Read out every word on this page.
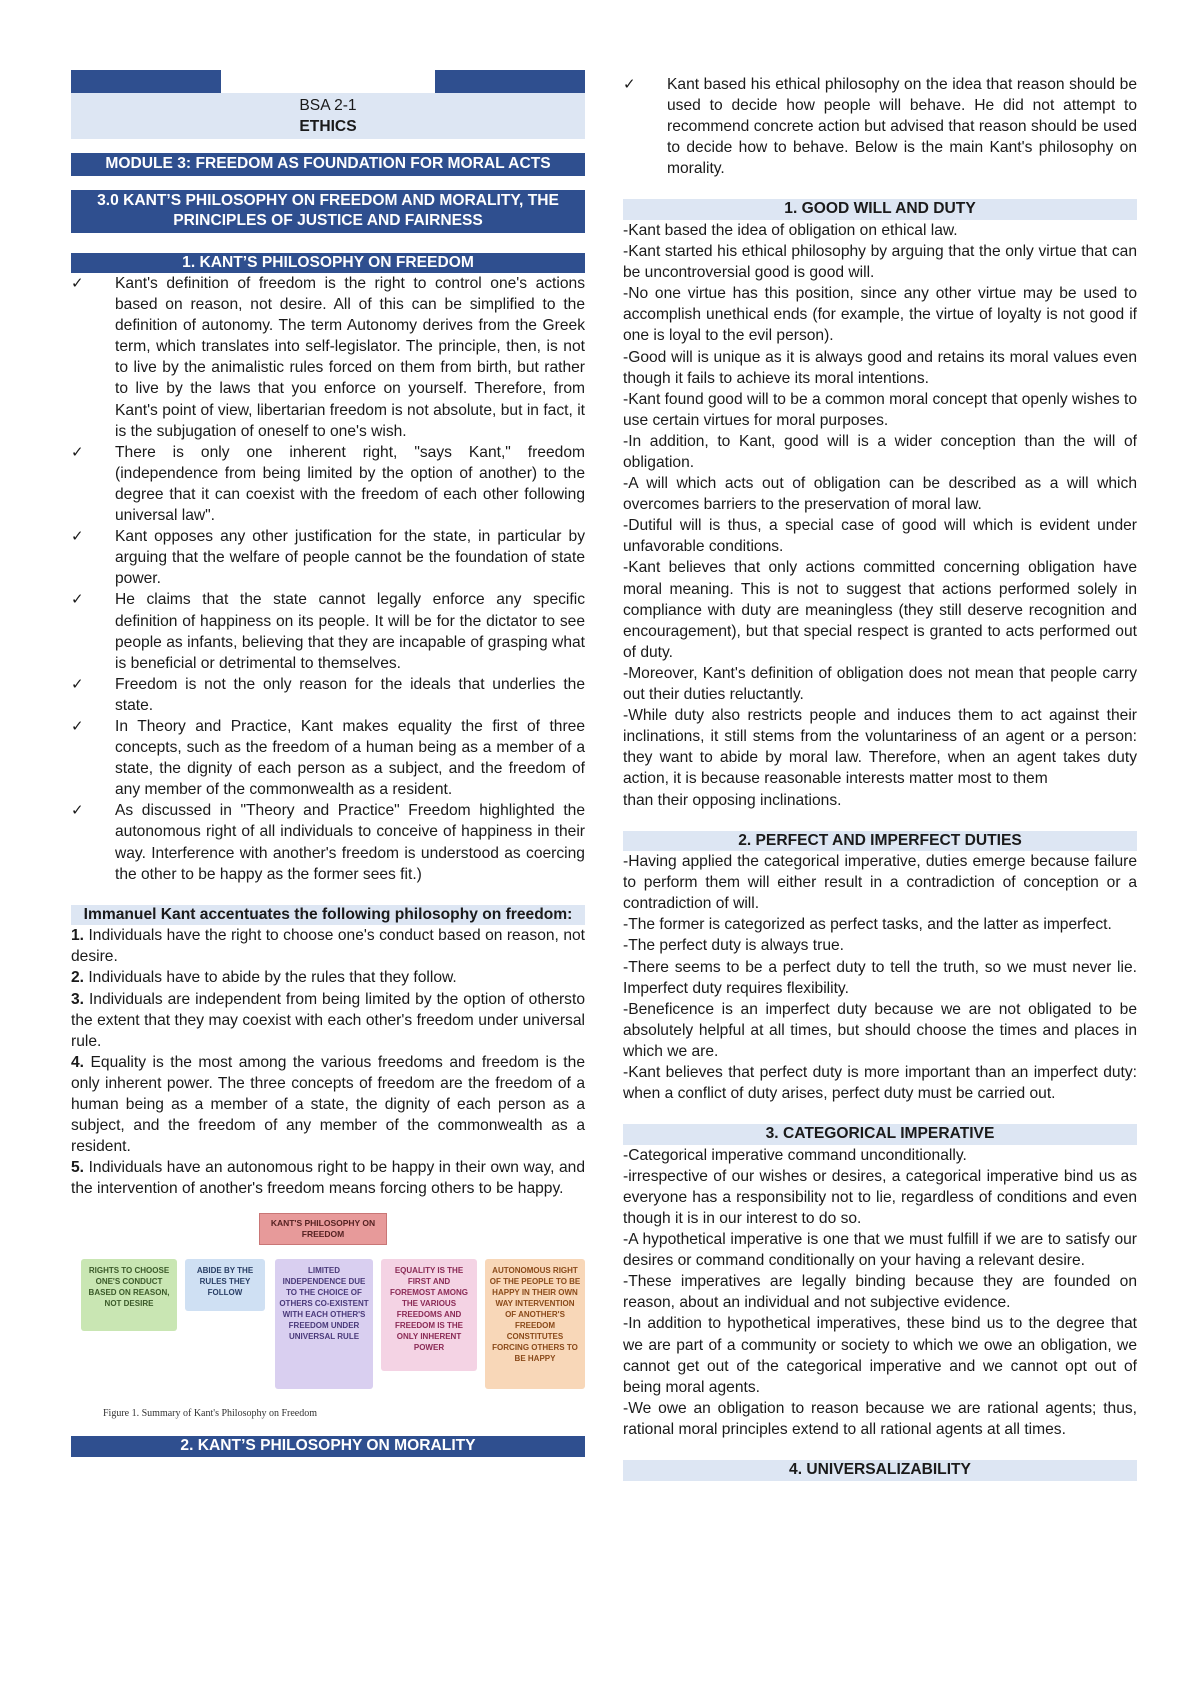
BSA 2-1
ETHICS
MODULE 3: FREEDOM AS FOUNDATION FOR MORAL ACTS
3.0 KANT’S PHILOSOPHY ON FREEDOM AND MORALITY, THE PRINCIPLES OF JUSTICE AND FAIRNESS
1. KANT’S PHILOSOPHY ON FREEDOM
✓ Kant's definition of freedom is the right to control one's actions based on reason, not desire. All of this can be simplified to the definition of autonomy. The term Autonomy derives from the Greek term, which translates into self-legislator. The principle, then, is not to live by the animalistic rules forced on them from birth, but rather to live by the laws that you enforce on yourself. Therefore, from Kant's point of view, libertarian freedom is not absolute, but in fact, it is the subjugation of oneself to one's wish.
✓ There is only one inherent right, "says Kant," freedom (independence from being limited by the option of another) to the degree that it can coexist with the freedom of each other following universal law".
✓ Kant opposes any other justification for the state, in particular by arguing that the welfare of people cannot be the foundation of state power.
✓ He claims that the state cannot legally enforce any specific definition of happiness on its people. It will be for the dictator to see people as infants, believing that they are incapable of grasping what is beneficial or detrimental to themselves.
✓ Freedom is not the only reason for the ideals that underlies the state.
✓ In Theory and Practice, Kant makes equality the first of three concepts, such as the freedom of a human being as a member of a state, the dignity of each person as a subject, and the freedom of any member of the commonwealth as a resident.
✓ As discussed in "Theory and Practice" Freedom highlighted the autonomous right of all individuals to conceive of happiness in their way. Interference with another's freedom is understood as coercing the other to be happy as the former sees fit.)
Immanuel Kant accentuates the following philosophy on freedom:
1. Individuals have the right to choose one's conduct based on reason, not desire.
2. Individuals have to abide by the rules that they follow.
3. Individuals are independent from being limited by the option of othersto the extent that they may coexist with each other's freedom under universal rule.
4. Equality is the most among the various freedoms and freedom is the only inherent power. The three concepts of freedom are the freedom of a human being as a member of a state, the dignity of each person as a subject, and the freedom of any member of the commonwealth as a resident.
5. Individuals have an autonomous right to be happy in their own way, and the intervention of another's freedom means forcing others to be happy.
KANT'S PHILOSOPHY ON FREEDOM
RIGHTS TO CHOOSE ONE'S CONDUCT BASED ON REASON, NOT DESIRE
ABIDE BY THE RULES THEY FOLLOW
LIMITED INDEPENDENCE DUE TO THE CHOICE OF OTHERS CO-EXISTENT WITH EACH OTHER'S FREEDOM UNDER UNIVERSAL RULE
EQUALITY IS THE FIRST AND FOREMOST AMONG THE VARIOUS FREEDOMS AND FREEDOM IS THE ONLY INHERENT POWER
AUTONOMOUS RIGHT OF THE PEOPLE TO BE HAPPY IN THEIR OWN WAY INTERVENTION OF ANOTHER'S FREEDOM CONSTITUTES FORCING OTHERS TO BE HAPPY
Figure 1. Summary of Kant's Philosophy on Freedom
2. KANT’S PHILOSOPHY ON MORALITY
✓ Kant based his ethical philosophy on the idea that reason should be used to decide how people will behave. He did not attempt to recommend concrete action but advised that reason should be used to decide how to behave. Below is the main Kant's philosophy on morality.
1. GOOD WILL AND DUTY
-Kant based the idea of obligation on ethical law.
-Kant started his ethical philosophy by arguing that the only virtue that can be uncontroversial good is good will.
-No one virtue has this position, since any other virtue may be used to accomplish unethical ends (for example, the virtue of loyalty is not good if one is loyal to the evil person).
-Good will is unique as it is always good and retains its moral values even though it fails to achieve its moral intentions.
-Kant found good will to be a common moral concept that openly wishes to use certain virtues for moral purposes.
-In addition, to Kant, good will is a wider conception than the will of obligation.
-A will which acts out of obligation can be described as a will which overcomes barriers to the preservation of moral law.
-Dutiful will is thus, a special case of good will which is evident under unfavorable conditions.
-Kant believes that only actions committed concerning obligation have moral meaning. This is not to suggest that actions performed solely in compliance with duty are meaningless (they still deserve recognition and encouragement), but that special respect is granted to acts performed out of duty.
-Moreover, Kant's definition of obligation does not mean that people carry out their duties reluctantly.
-While duty also restricts people and induces them to act against their inclinations, it still stems from the voluntariness of an agent or a person: they want to abide by moral law. Therefore, when an agent takes duty action, it is because reasonable interests matter most to them
than their opposing inclinations.
2. PERFECT AND IMPERFECT DUTIES
-Having applied the categorical imperative, duties emerge because failure to perform them will either result in a contradiction of conception or a contradiction of will.
-The former is categorized as perfect tasks, and the latter as imperfect.
-The perfect duty is always true.
-There seems to be a perfect duty to tell the truth, so we must never lie. Imperfect duty requires flexibility.
-Beneficence is an imperfect duty because we are not obligated to be absolutely helpful at all times, but should choose the times and places in which we are.
-Kant believes that perfect duty is more important than an imperfect duty: when a conflict of duty arises, perfect duty must be carried out.
3. CATEGORICAL IMPERATIVE
-Categorical imperative command unconditionally.
-irrespective of our wishes or desires, a categorical imperative bind us as everyone has a responsibility not to lie, regardless of conditions and even though it is in our interest to do so.
-A hypothetical imperative is one that we must fulfill if we are to satisfy our desires or command conditionally on your having a relevant desire.
-These imperatives are legally binding because they are founded on reason, about an individual and not subjective evidence.
-In addition to hypothetical imperatives, these bind us to the degree that we are part of a community or society to which we owe an obligation, we cannot get out of the categorical imperative and we cannot opt out of being moral agents.
-We owe an obligation to reason because we are rational agents; thus, rational moral principles extend to all rational agents at all times.
4. UNIVERSALIZABILITY
